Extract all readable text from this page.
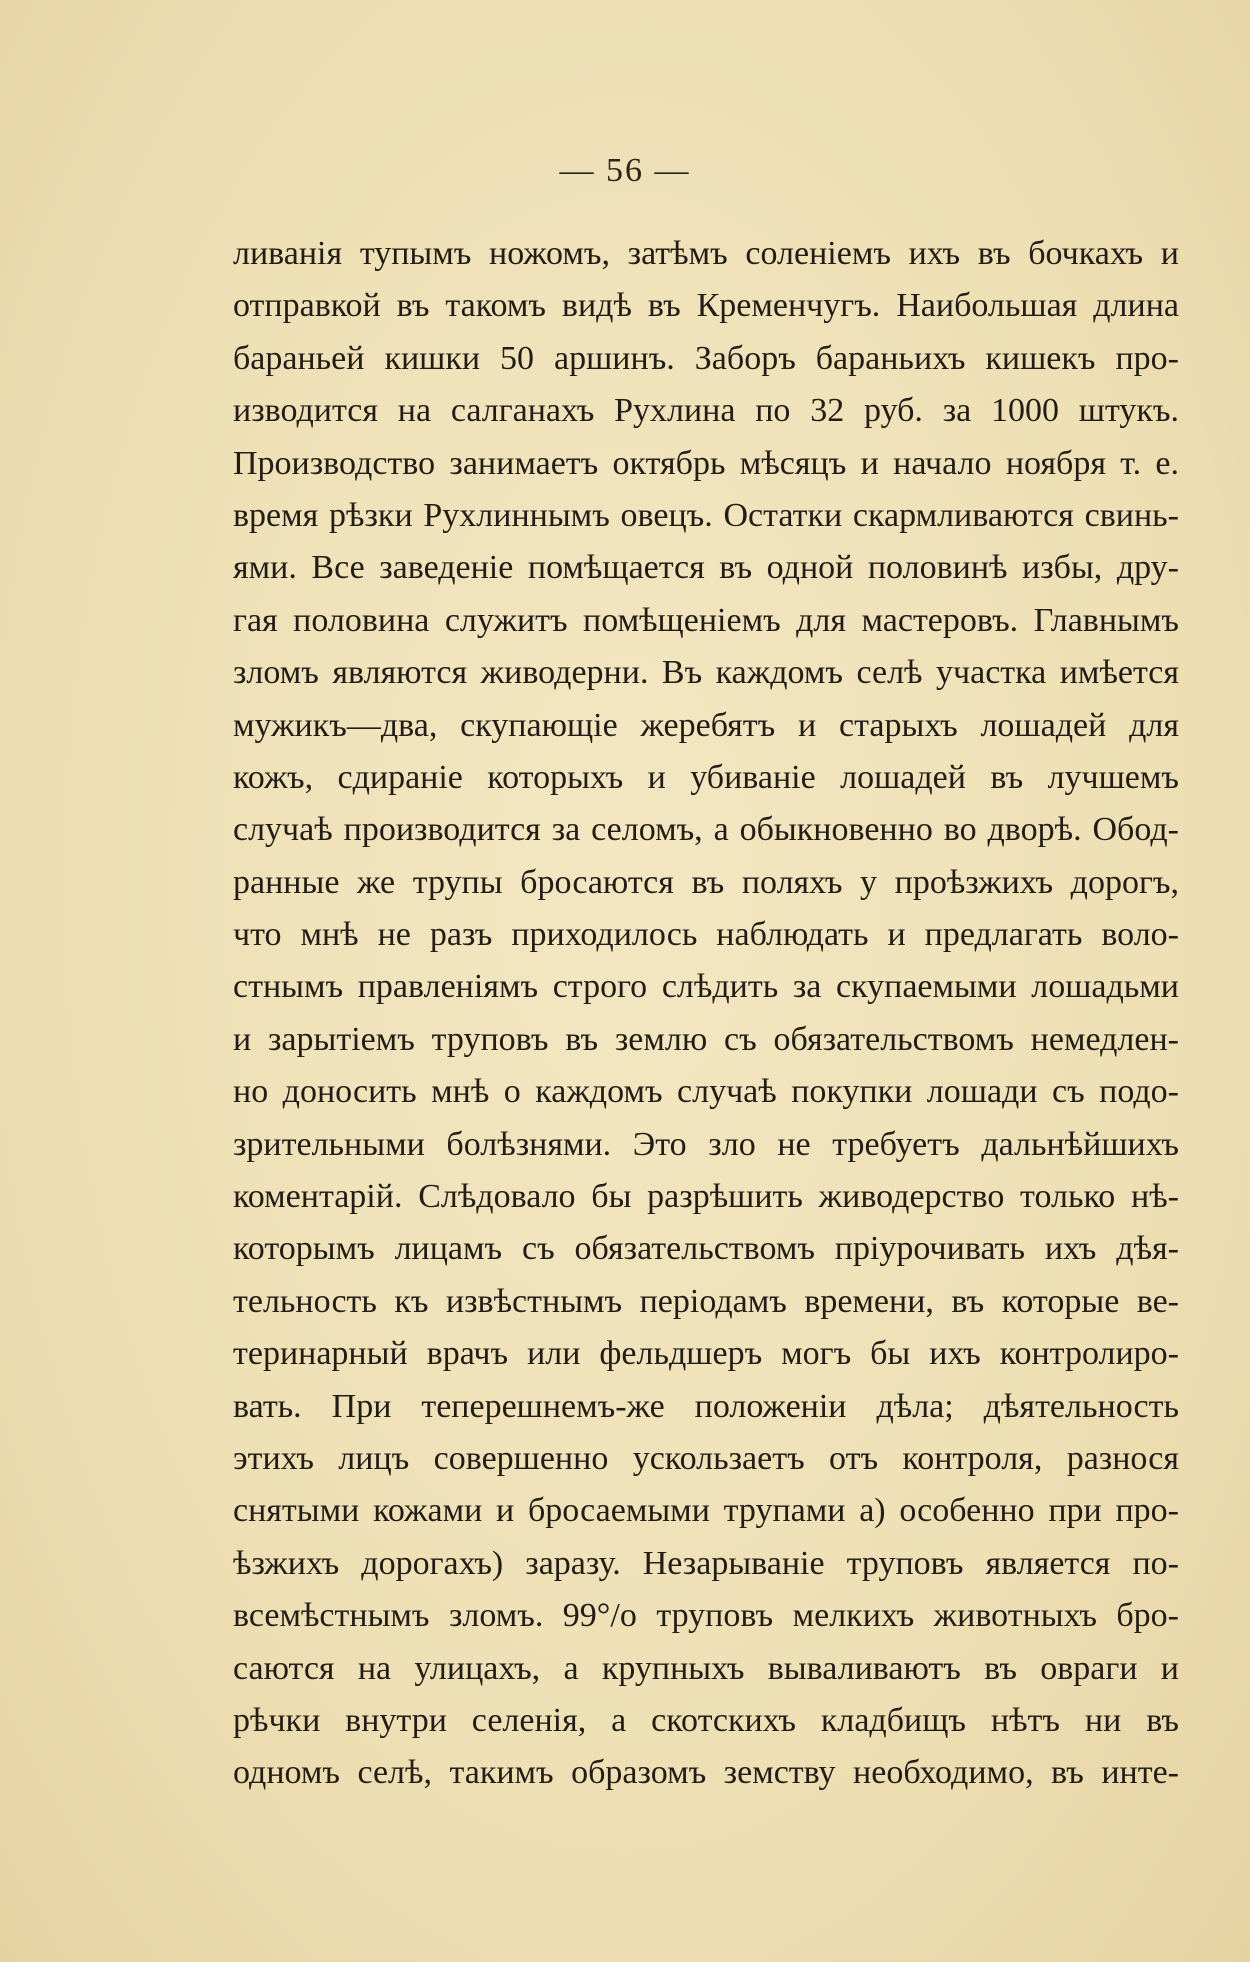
— 56 —
ливанія тупымъ ножомъ, затѣмъ соленіемъ ихъ въ бочкахъ и
отправкой въ такомъ видѣ въ Кременчугъ. Наибольшая длина
бараньей кишки 50 аршинъ. Заборъ бараньихъ кишекъ про-
изводится на салганахъ Рухлина по 32 руб. за 1000 штукъ.
Производство занимаетъ октябрь мѣсяцъ и начало ноября т. е.
время рѣзки Рухлиннымъ овецъ. Остатки скармливаются свинь-
ями. Все заведеніе помѣщается въ одной половинѣ избы, дру-
гая половина служитъ помѣщеніемъ для мастеровъ. Главнымъ
зломъ являются живодерни. Въ каждомъ селѣ участка имѣется
мужикъ—два, скупающіе жеребятъ и старыхъ лошадей для
кожъ, сдираніе которыхъ и убиваніе лошадей въ лучшемъ
случаѣ производится за селомъ, а обыкновенно во дворѣ. Обод-
ранные же трупы бросаются въ поляхъ у проѣзжихъ дорогъ,
что мнѣ не разъ приходилось наблюдать и предлагать воло-
стнымъ правленіямъ строго слѣдить за скупаемыми лошадьми
и зарытіемъ труповъ въ землю съ обязательствомъ немедлен-
но доносить мнѣ о каждомъ случаѣ покупки лошади съ подо-
зрительными болѣзнями. Это зло не требуетъ дальнѣйшихъ
коментарій. Слѣдовало бы разрѣшить живодерство только нѣ-
которымъ лицамъ съ обязательствомъ пріурочивать ихъ дѣя-
тельность къ извѣстнымъ періодамъ времени, въ которые ве-
теринарный врачъ или фельдшеръ могъ бы ихъ контролиро-
вать. При теперешнемъ-же положеніи дѣла; дѣятельность
этихъ лицъ совершенно ускользаетъ отъ контроля, разнося
снятыми кожами и бросаемыми трупами а) особенно при про-
ѣзжихъ дорогахъ) заразу. Незарываніе труповъ является по-
всемѣстнымъ зломъ. 99°/о труповъ мелкихъ животныхъ бро-
саются на улицахъ, а крупныхъ вываливаютъ въ овраги и
рѣчки внутри селенія, а скотскихъ кладбищъ нѣтъ ни въ
одномъ селѣ, такимъ образомъ земству необходимо, въ инте-
